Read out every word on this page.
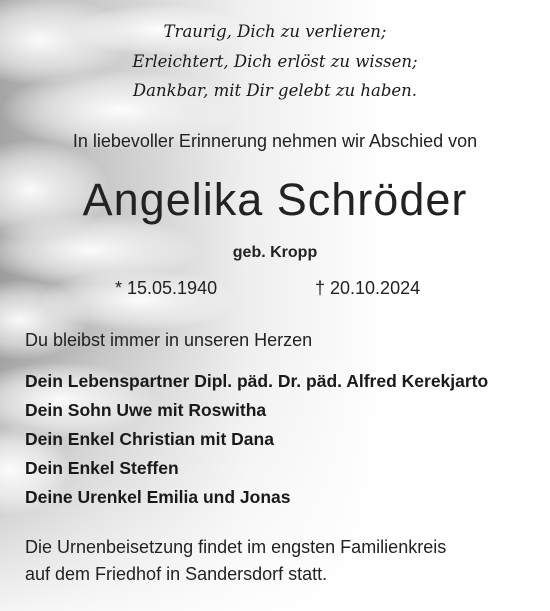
Traurig, Dich zu verlieren;
Erleichtert, Dich erlöst zu wissen;
Dankbar, mit Dir gelebt zu haben.
In liebevoller Erinnerung nehmen wir Abschied von
Angelika Schröder
geb. Kropp
* 15.05.1940	† 20.10.2024
Du bleibst immer in unseren Herzen
Dein Lebenspartner Dipl. päd. Dr. päd. Alfred Kerekjarto
Dein Sohn Uwe mit Roswitha
Dein Enkel Christian mit Dana
Dein Enkel Steffen
Deine Urenkel Emilia und Jonas
Die Urnenbeisetzung findet im engsten Familienkreis
auf dem Friedhof in Sandersdorf statt.
